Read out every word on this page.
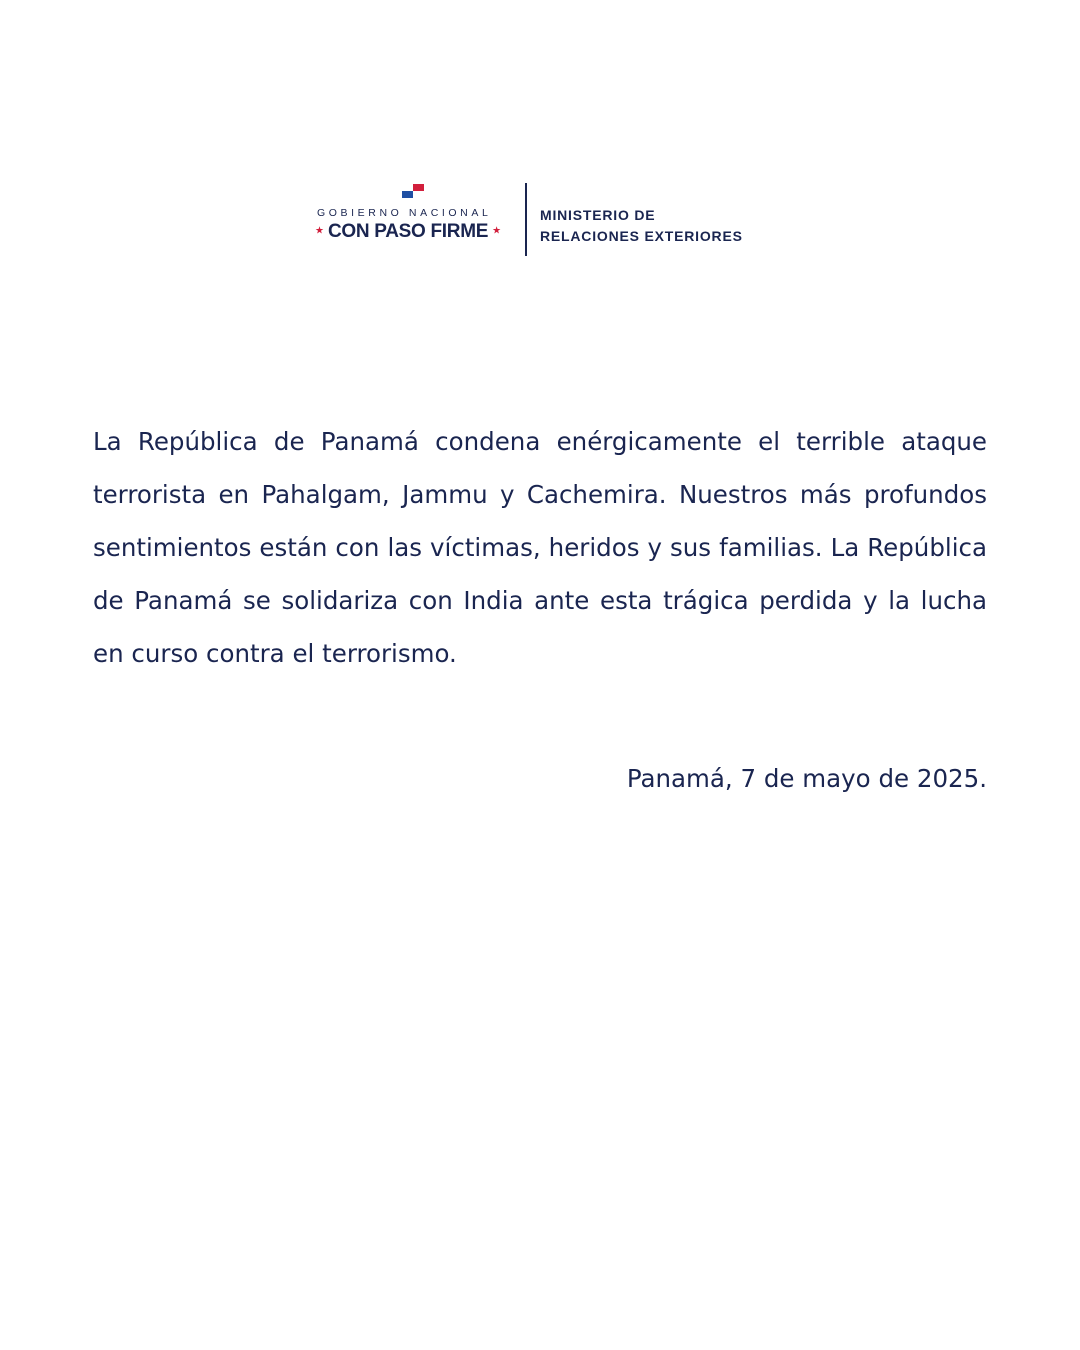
GOBIERNO NACIONAL
★ CON PASO FIRME ★
MINISTERIO DE
RELACIONES EXTERIORES

La República de Panamá condena enérgicamente el terrible ataque terrorista en Pahalgam, Jammu y Cachemira. Nuestros más profundos sentimientos están con las víctimas, heridos y sus familias. La República de Panamá se solidariza con India ante esta trágica perdida y la lucha en curso contra el terrorismo.

Panamá, 7 de mayo de 2025.
